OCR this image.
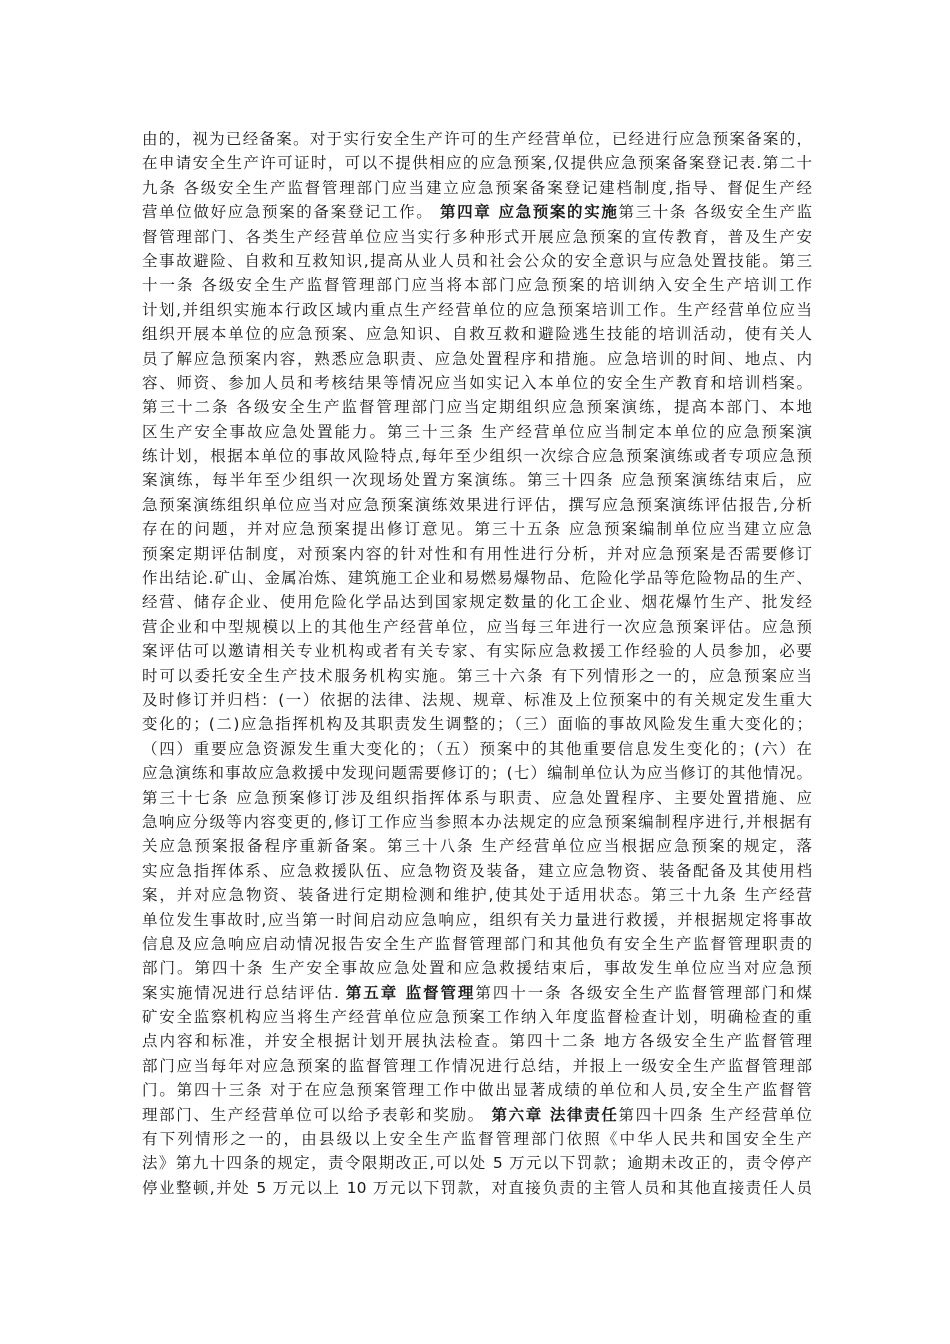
由的，视为已经备案。对于实行安全生产许可的生产经营单位，已经进行应急预案备案的，
在申请安全生产许可证时，可以不提供相应的应急预案,仅提供应急预案备案登记表.第二十
九条 各级安全生产监督管理部门应当建立应急预案备案登记建档制度,指导、督促生产经
营单位做好应急预案的备案登记工作。 第四章 应急预案的实施第三十条 各级安全生产监
督管理部门、各类生产经营单位应当实行多种形式开展应急预案的宣传教育，普及生产安
全事故避险、自救和互救知识,提高从业人员和社会公众的安全意识与应急处置技能。第三
十一条 各级安全生产监督管理部门应当将本部门应急预案的培训纳入安全生产培训工作
计划,并组织实施本行政区域内重点生产经营单位的应急预案培训工作。生产经营单位应当
组织开展本单位的应急预案、应急知识、自救互救和避险逃生技能的培训活动，使有关人
员了解应急预案内容，熟悉应急职责、应急处置程序和措施。应急培训的时间、地点、内
容、师资、参加人员和考核结果等情况应当如实记入本单位的安全生产教育和培训档案。
第三十二条 各级安全生产监督管理部门应当定期组织应急预案演练，提高本部门、本地
区生产安全事故应急处置能力。第三十三条 生产经营单位应当制定本单位的应急预案演
练计划，根据本单位的事故风险特点,每年至少组织一次综合应急预案演练或者专项应急预
案演练，每半年至少组织一次现场处置方案演练。第三十四条 应急预案演练结束后，应
急预案演练组织单位应当对应急预案演练效果进行评估，撰写应急预案演练评估报告,分析
存在的问题，并对应急预案提出修订意见。第三十五条 应急预案编制单位应当建立应急
预案定期评估制度，对预案内容的针对性和有用性进行分析，并对应急预案是否需要修订
作出结论.矿山、金属冶炼、建筑施工企业和易燃易爆物品、危险化学品等危险物品的生产、
经营、储存企业、使用危险化学品达到国家规定数量的化工企业、烟花爆竹生产、批发经
营企业和中型规模以上的其他生产经营单位，应当每三年进行一次应急预案评估。应急预
案评估可以邀请相关专业机构或者有关专家、有实际应急救援工作经验的人员参加，必要
时可以委托安全生产技术服务机构实施。第三十六条 有下列情形之一的，应急预案应当
及时修订并归档：(一）依据的法律、法规、规章、标准及上位预案中的有关规定发生重大
变化的；(二)应急指挥机构及其职责发生调整的；（三）面临的事故风险发生重大变化的；
（四）重要应急资源发生重大变化的；（五）预案中的其他重要信息发生变化的；(六）在
应急演练和事故应急救援中发现问题需要修订的；(七）编制单位认为应当修订的其他情况。
第三十七条 应急预案修订涉及组织指挥体系与职责、应急处置程序、主要处置措施、应
急响应分级等内容变更的,修订工作应当参照本办法规定的应急预案编制程序进行,并根据有
关应急预案报备程序重新备案。第三十八条 生产经营单位应当根据应急预案的规定，落
实应急指挥体系、应急救援队伍、应急物资及装备，建立应急物资、装备配备及其使用档
案，并对应急物资、装备进行定期检测和维护,使其处于适用状态。第三十九条 生产经营
单位发生事故时,应当第一时间启动应急响应，组织有关力量进行救援，并根据规定将事故
信息及应急响应启动情况报告安全生产监督管理部门和其他负有安全生产监督管理职责的
部门。第四十条 生产安全事故应急处置和应急救援结束后，事故发生单位应当对应急预
案实施情况进行总结评估. 第五章 监督管理第四十一条 各级安全生产监督管理部门和煤
矿安全监察机构应当将生产经营单位应急预案工作纳入年度监督检查计划，明确检查的重
点内容和标准，并安全根据计划开展执法检查。第四十二条 地方各级安全生产监督管理
部门应当每年对应急预案的监督管理工作情况进行总结，并报上一级安全生产监督管理部
门。第四十三条 对于在应急预案管理工作中做出显著成绩的单位和人员,安全生产监督管
理部门、生产经营单位可以给予表彰和奖励。 第六章 法律责任第四十四条 生产经营单位
有下列情形之一的，由县级以上安全生产监督管理部门依照《中华人民共和国安全生产
法》第九十四条的规定，责令限期改正,可以处 5 万元以下罚款；逾期未改正的，责令停产
停业整顿,并处 5 万元以上 10 万元以下罚款，对直接负责的主管人员和其他直接责任人员
